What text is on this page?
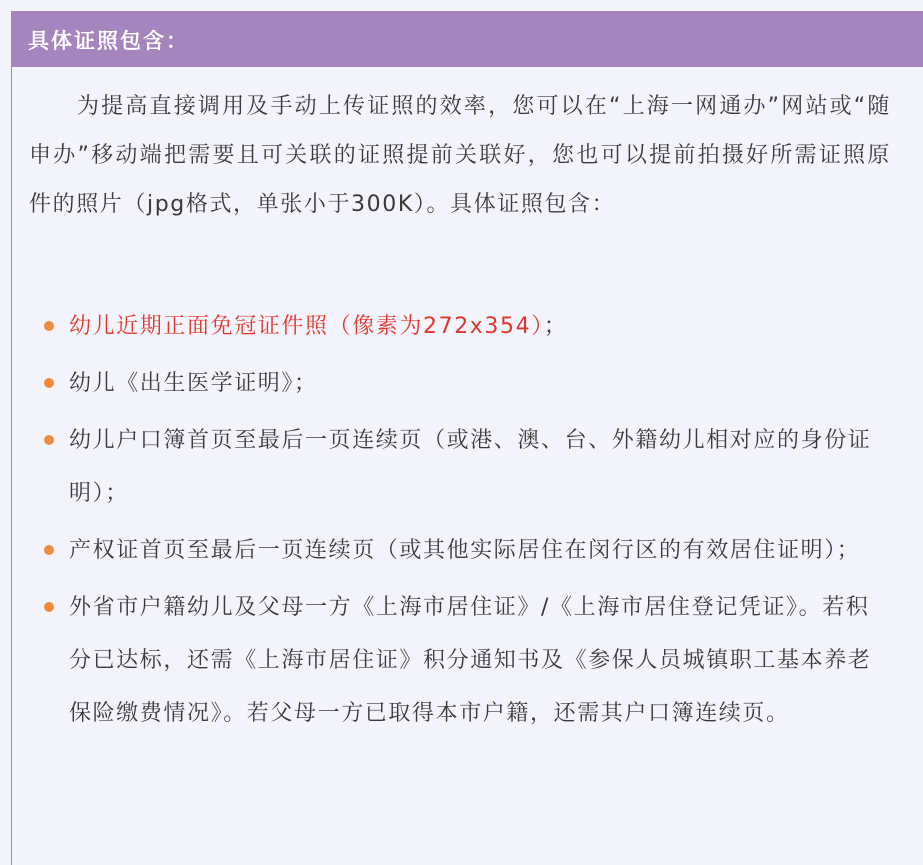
具体证照包含：

为提高直接调用及手动上传证照的效率，您可以在“上海一网通办”网站或“随申办”移动端把需要且可关联的证照提前关联好，您也可以提前拍摄好所需证照原件的照片（jpg格式，单张小于300K）。具体证照包含：

幼儿近期正面免冠证件照（像素为272x354）；
幼儿《出生医学证明》；
幼儿户口簿首页至最后一页连续页（或港、澳、台、外籍幼儿相对应的身份证明）；
产权证首页至最后一页连续页（或其他实际居住在闵行区的有效居住证明）；
外省市户籍幼儿及父母一方《上海市居住证》/《上海市居住登记凭证》。若积分已达标，还需《上海市居住证》积分通知书及《参保人员城镇职工基本养老保险缴费情况》。若父母一方已取得本市户籍，还需其户口簿连续页。
